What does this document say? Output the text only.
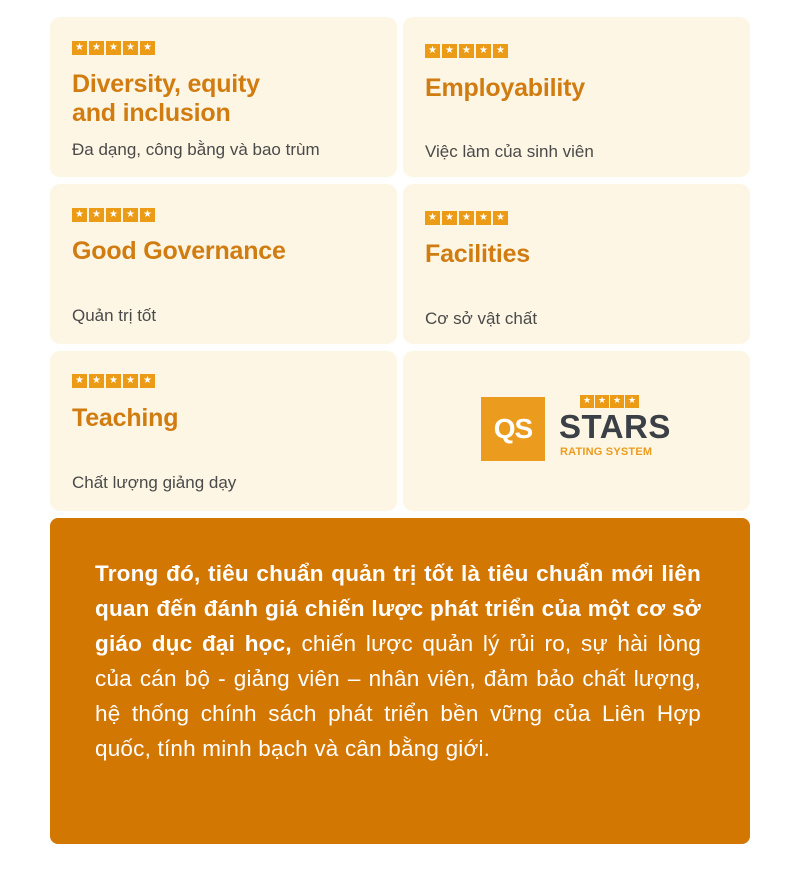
★ ★ ★ ★ ★
Diversity, equity
and inclusion
Đa dạng, công bằng và bao trùm
★ ★ ★ ★ ★
Employability
Việc làm của sinh viên
★ ★ ★ ★ ★
Good Governance
Quản trị tốt
★ ★ ★ ★ ★
Facilities
Cơ sở vật chất
★ ★ ★ ★ ★
Teaching
Chất lượng giảng dạy
QS
★ ★ ★ ★
STARS
RATING SYSTEM
Trong đó, tiêu chuẩn quản trị tốt là tiêu chuẩn mới liên quan đến đánh giá chiến lược phát triển của một cơ sở giáo dục đại học, chiến lược quản lý rủi ro, sự hài lòng của cán bộ - giảng viên – nhân viên, đảm bảo chất lượng, hệ thống chính sách phát triển bền vững của Liên Hợp quốc, tính minh bạch và cân bằng giới.
